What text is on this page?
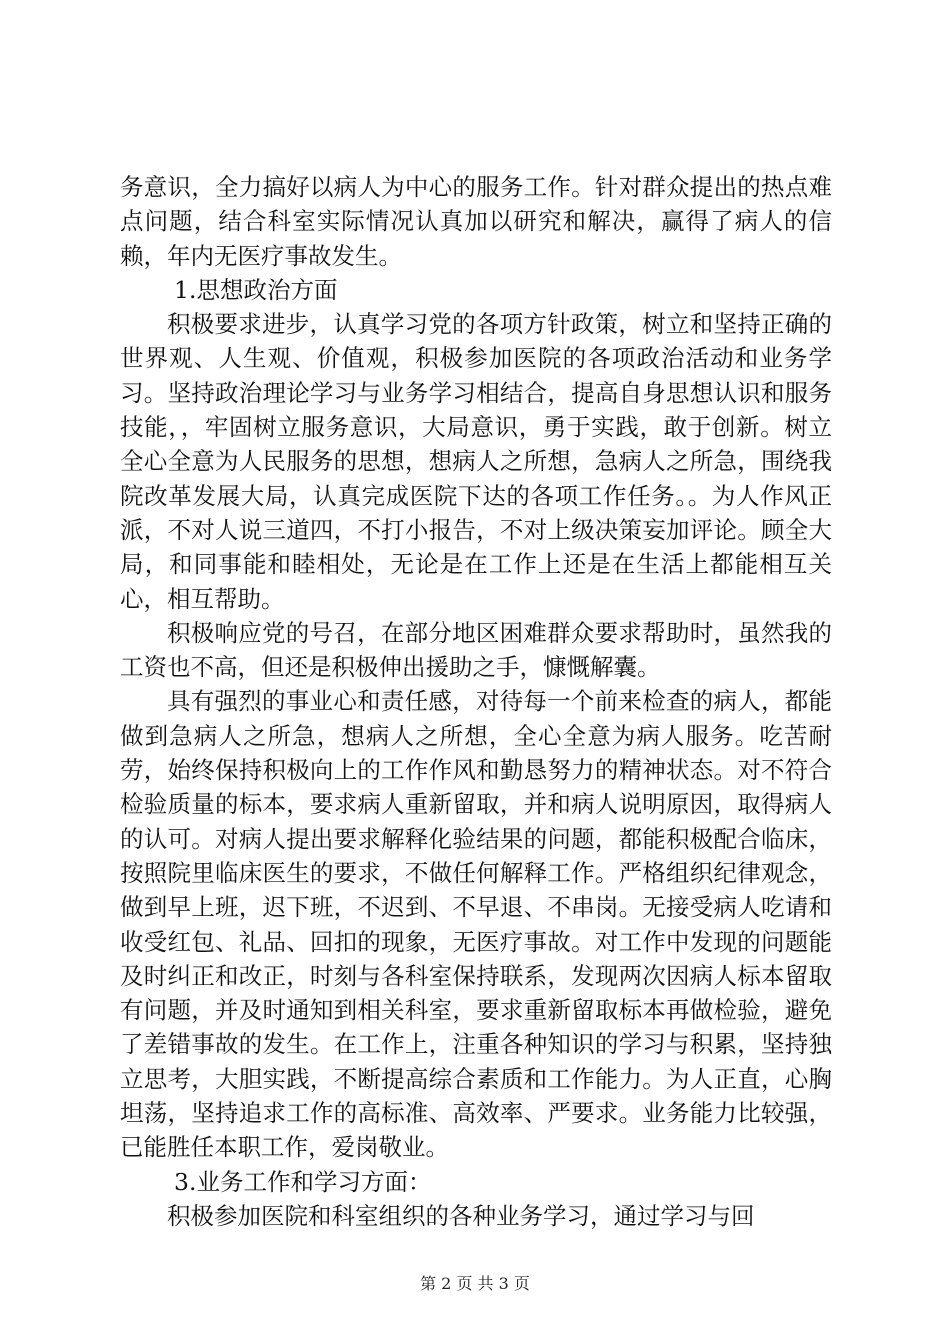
务意识，全力搞好以病人为中心的服务工作。针对群众提出的热点难点问题，结合科室实际情况认真加以研究和解决，赢得了病人的信赖，年内无医疗事故发生。

1.思想政治方面

积极要求进步，认真学习党的各项方针政策，树立和坚持正确的世界观、人生观、价值观，积极参加医院的各项政治活动和业务学习。坚持政治理论学习与业务学习相结合，提高自身思想认识和服务技能，，牢固树立服务意识，大局意识，勇于实践，敢于创新。树立全心全意为人民服务的思想，想病人之所想，急病人之所急，围绕我院改革发展大局，认真完成医院下达的各项工作任务。。为人作风正派，不对人说三道四，不打小报告，不对上级决策妄加评论。顾全大局，和同事能和睦相处，无论是在工作上还是在生活上都能相互关心，相互帮助。

积极响应党的号召，在部分地区困难群众要求帮助时，虽然我的工资也不高，但还是积极伸出援助之手，慷慨解囊。

具有强烈的事业心和责任感，对待每一个前来检查的病人，都能做到急病人之所急，想病人之所想，全心全意为病人服务。吃苦耐劳，始终保持积极向上的工作作风和勤恳努力的精神状态。对不符合检验质量的标本，要求病人重新留取，并和病人说明原因，取得病人的认可。对病人提出要求解释化验结果的问题，都能积极配合临床，按照院里临床医生的要求，不做任何解释工作。严格组织纪律观念，做到早上班，迟下班，不迟到、不早退、不串岗。无接受病人吃请和收受红包、礼品、回扣的现象，无医疗事故。对工作中发现的问题能及时纠正和改正，时刻与各科室保持联系，发现两次因病人标本留取有问题，并及时通知到相关科室，要求重新留取标本再做检验，避免了差错事故的发生。在工作上，注重各种知识的学习与积累，坚持独立思考，大胆实践，不断提高综合素质和工作能力。为人正直，心胸坦荡，坚持追求工作的高标准、高效率、严要求。业务能力比较强，已能胜任本职工作，爱岗敬业。

3.业务工作和学习方面：

积极参加医院和科室组织的各种业务学习，通过学习与回

第 2 页 共 3 页
